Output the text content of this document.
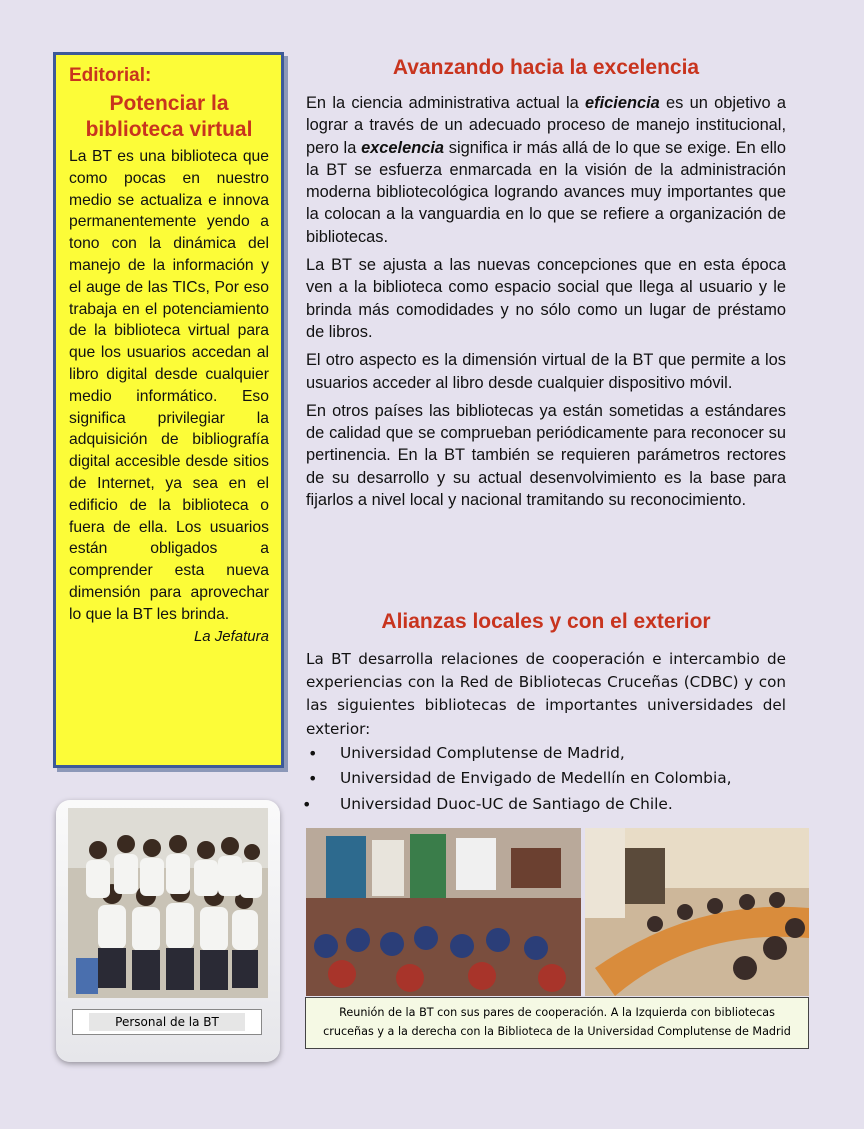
Editorial:
Potenciar la biblioteca virtual

La BT es una biblioteca que como pocas en nuestro medio se actualiza e innova permanentemente yendo a tono con la dinámica del manejo de la información y el auge de las TICs, Por eso trabaja en el potenciamiento de la biblioteca virtual para que los usuarios accedan al libro digital desde cualquier medio informático. Eso significa privilegiar la adquisición de bibliografía digital accesible desde sitios de Internet, ya sea en el edificio de la biblioteca o fuera de ella. Los usuarios están obligados a comprender esta nueva dimensión para aprovechar lo que la BT les brinda.

La Jefatura
Avanzando hacia la excelencia

En la ciencia administrativa actual la eficiencia es un objetivo a lograr a través de un adecuado proceso de manejo institucional, pero la excelencia significa ir más allá de lo que se exige. En ello la BT se esfuerza enmarcada en la visión de la administración moderna bibliotecológica logrando avances muy importantes que la colocan a la vanguardia en lo que se refiere a organización de bibliotecas.

La BT se ajusta a las nuevas concepciones que en esta época ven a la biblioteca como espacio social que llega al usuario y le brinda más comodidades y no sólo como un lugar de préstamo de libros.

El otro aspecto es la dimensión virtual de la BT que permite a los usuarios acceder al libro desde cualquier dispositivo móvil.

En otros países las bibliotecas ya están sometidas a estándares de calidad que se comprueban periódicamente para reconocer su pertinencia. En la BT también se requieren parámetros rectores de su desarrollo y su actual desenvolvimiento es la base para fijarlos a nivel local y nacional tramitando su reconocimiento.

Alianzas locales y con el exterior

La BT desarrolla relaciones de cooperación e intercambio de experiencias con la Red de Bibliotecas Cruceñas (CDBC) y con las siguientes bibliotecas de importantes universidades del exterior:

• Universidad Complutense de Madrid,
• Universidad de Envigado de Medellín en Colombia,
• Universidad Duoc-UC de Santiago de Chile.
Personal de la BT
Reunión de la BT con sus pares de cooperación. A la Izquierda con bibliotecas
cruceñas y a la derecha con la Biblioteca de la Universidad Complutense de Madrid
